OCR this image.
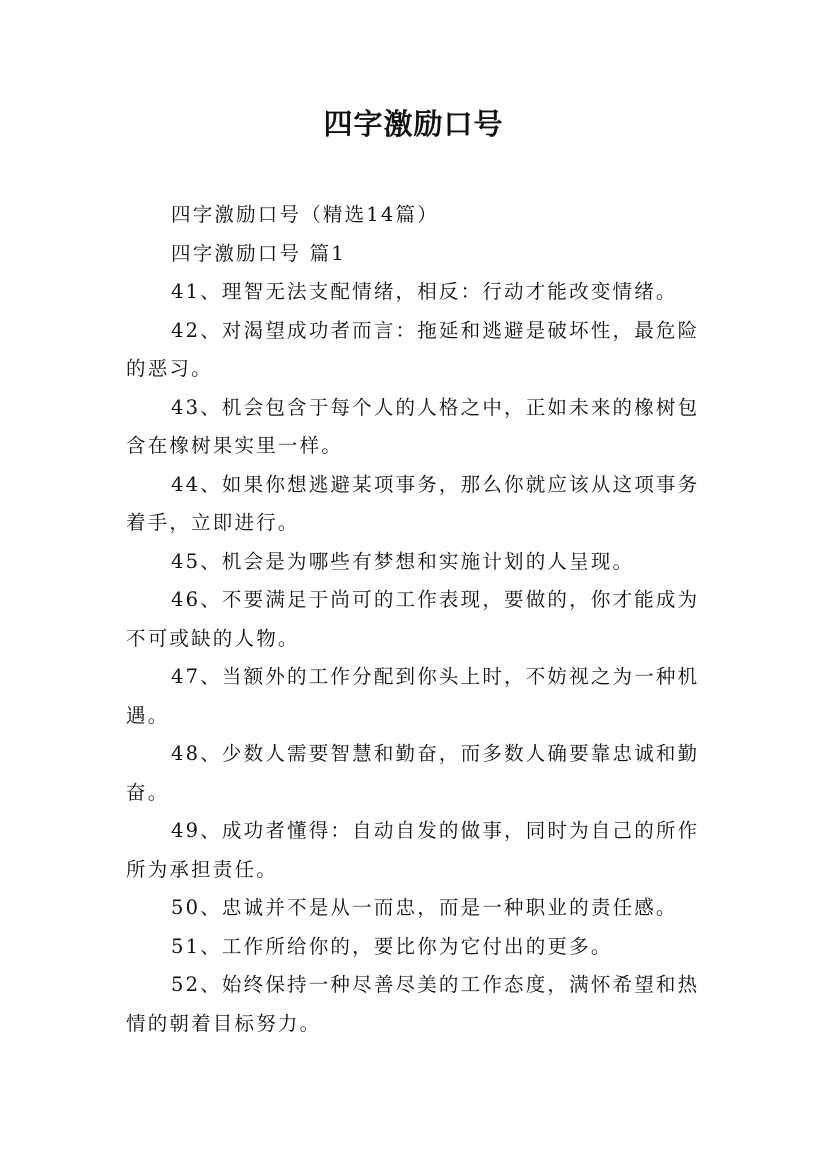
四字激励口号

四字激励口号（精选14篇）

四字激励口号 篇1

41、理智无法支配情绪，相反：行动才能改变情绪。

42、对渴望成功者而言：拖延和逃避是破坏性，最危险的恶习。

43、机会包含于每个人的人格之中，正如未来的橡树包含在橡树果实里一样。

44、如果你想逃避某项事务，那么你就应该从这项事务着手，立即进行。

45、机会是为哪些有梦想和实施计划的人呈现。

46、不要满足于尚可的工作表现，要做的，你才能成为不可或缺的人物。

47、当额外的工作分配到你头上时，不妨视之为一种机遇。

48、少数人需要智慧和勤奋，而多数人确要靠忠诚和勤奋。

49、成功者懂得：自动自发的做事，同时为自己的所作所为承担责任。

50、忠诚并不是从一而忠，而是一种职业的责任感。

51、工作所给你的，要比你为它付出的更多。

52、始终保持一种尽善尽美的工作态度，满怀希望和热情的朝着目标努力。
